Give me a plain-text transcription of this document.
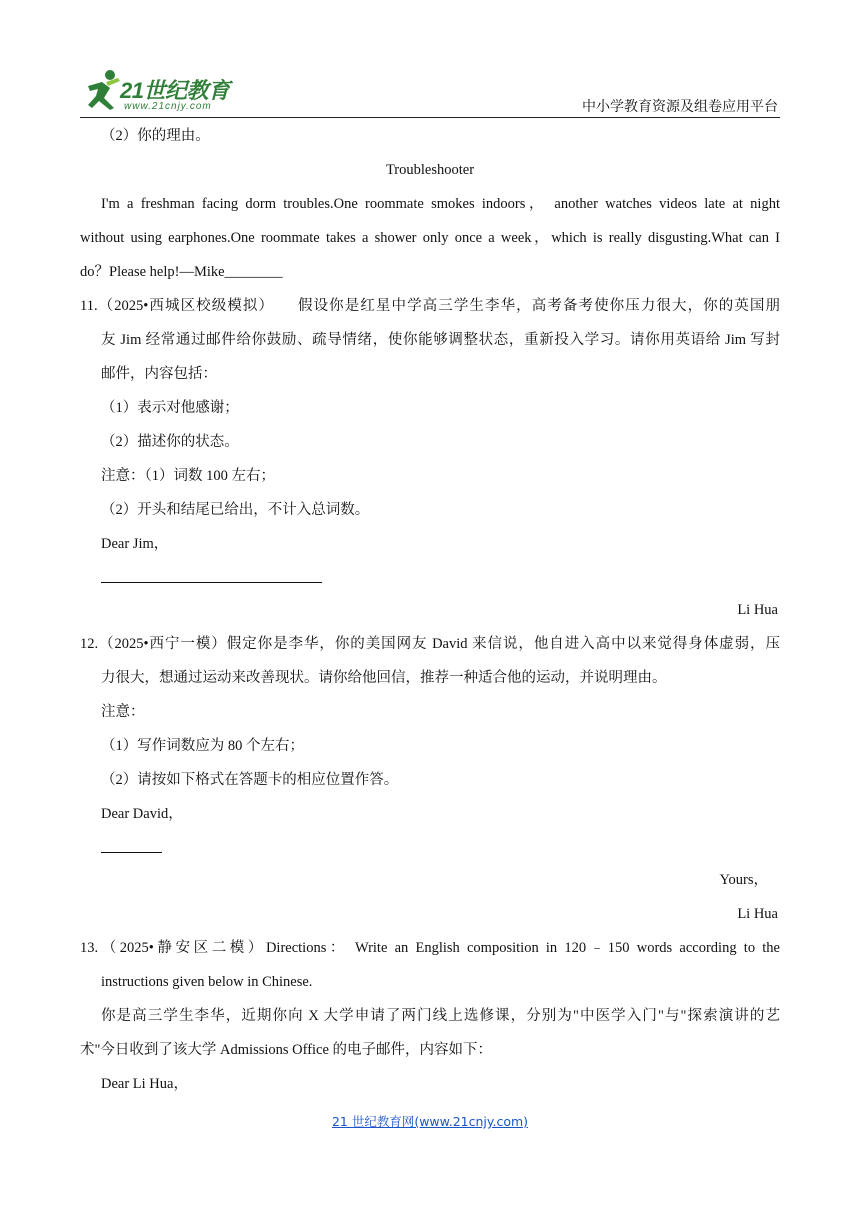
21世纪教育
www.21cnjy.com	中小学教育资源及组卷应用平台
（2）你的理由。
Troubleshooter
I'm a freshman facing dorm troubles.One roommate smokes indoors， another watches videos late at night
without using earphones.One roommate takes a shower only once a week，which is really disgusting.What can I
do？Please help!—Mike________
11.（2025•西城区校级模拟）　　假设你是红星中学高三学生李华，高考备考使你压力很大，你的英国朋
友 Jim 经常通过邮件给你鼓励、疏导情绪，使你能够调整状态，重新投入学习。请你用英语给 Jim 写封
邮件，内容包括：
（1）表示对他感谢；
（2）描述你的状态。
注意：（1）词数 100 左右；
（2）开头和结尾已给出，不计入总词数。
Dear Jim，
Li Hua
12.（2025•西宁一模）假定你是李华，你的美国网友 David 来信说，他自进入高中以来觉得身体虚弱，压
力很大，想通过运动来改善现状。请你给他回信，推荐一种适合他的运动，并说明理由。
注意：
（1）写作词数应为 80 个左右；
（2）请按如下格式在答题卡的相应位置作答。
Dear David，
Yours，
Li Hua
13.（2025•静安区二模）Directions： Write an English composition in 120﹣150 words according to the
instructions given below in Chinese.
你是高三学生李华，近期你向 X 大学申请了两门线上选修课，分别为"中医学入门"与"探索演讲的艺
术"今日收到了该大学 Admissions Office 的电子邮件，内容如下：
Dear Li Hua，
21 世纪教育网(www.21cnjy.com)
